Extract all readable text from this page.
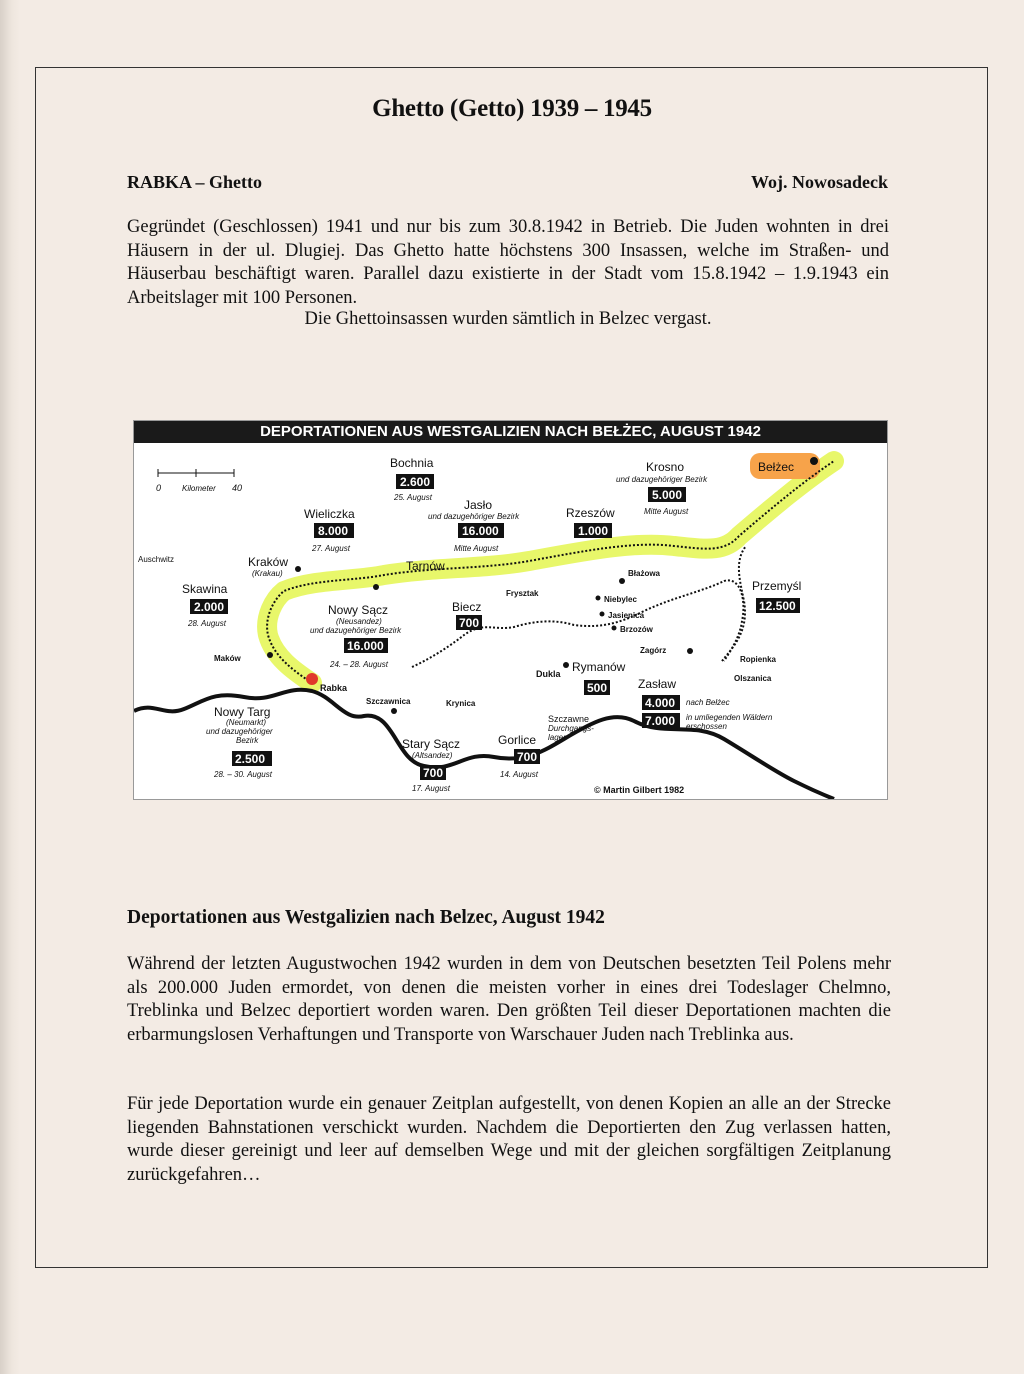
Ghetto (Getto) 1939 – 1945
RABKA – Ghetto	Woj. Nowosadeck
Gegründet (Geschlossen) 1941 und nur bis zum 30.8.1942 in Betrieb. Die Juden wohnten in drei Häusern in der ul. Dlugiej. Das Ghetto hatte höchstens 300 Insassen, welche im Straßen- und Häuserbau beschäftigt waren. Parallel dazu existierte in der Stadt vom 15.8.1942 – 1.9.1943 ein Arbeitslager mit 100 Personen.
Die Ghettoinsassen wurden sämtlich in Belzec vergast.
DEPORTATIONEN AUS WESTGALIZIEN NACH BEŁŻEC, AUGUST 1942
0	Kilometer 40
Bełżec
Bochnia
2.600
25. August
Krosno
und dazugehöriger Bezirk
5.000
Mitte August
Wieliczka
8.000
27. August
Jasło
und dazugehöriger Bezirk
16.000
Mitte August
Rzeszów
1.000
Auschwitz	Kraków
(Krakau)
Tarnów
Frysztak
Błażowa
Przemyśl
12.500
Skawina
2.000
28. August
Nowy Sącz
(Neusandez)
und dazugehöriger Bezirk
16.000
24. – 28. August
Biecz
700
Niebylec
Jasienica
Brzozów
Maków
Zagórz
Ropienka
Olszanica
Dukla Rymanów
500	Zasław
4.000 nach Bełżec
7.000 in umliegenden Wäldern
erschossen
Rabka
Szczawnica	Krynica
Nowy Targ
(Neumarkt)
und dazugehöriger
Bezirk
2.500
28. – 30. August
Szczawne
Durchgangs-
lager
Stary Sącz
(Altsandez)
700
17. August
Gorlice
700
14. August
© Martin Gilbert 1982
Deportationen aus Westgalizien nach Belzec, August 1942
Während der letzten Augustwochen 1942 wurden in dem von Deutschen besetzten Teil Polens mehr als 200.000 Juden ermordet, von denen die meisten vorher in eines drei Todeslager Chelmno, Treblinka und Belzec deportiert worden waren. Den größten Teil dieser Deportationen machten die erbarmungslosen Verhaftungen und Transporte von Warschauer Juden nach Treblinka aus.
Für jede Deportation wurde ein genauer Zeitplan aufgestellt, von denen Kopien an alle an der Strecke liegenden Bahnstationen verschickt wurden. Nachdem die Deportierten den Zug verlassen hatten, wurde dieser gereinigt und leer auf demselben Wege und mit der gleichen sorgfältigen Zeitplanung zurückgefahren…
